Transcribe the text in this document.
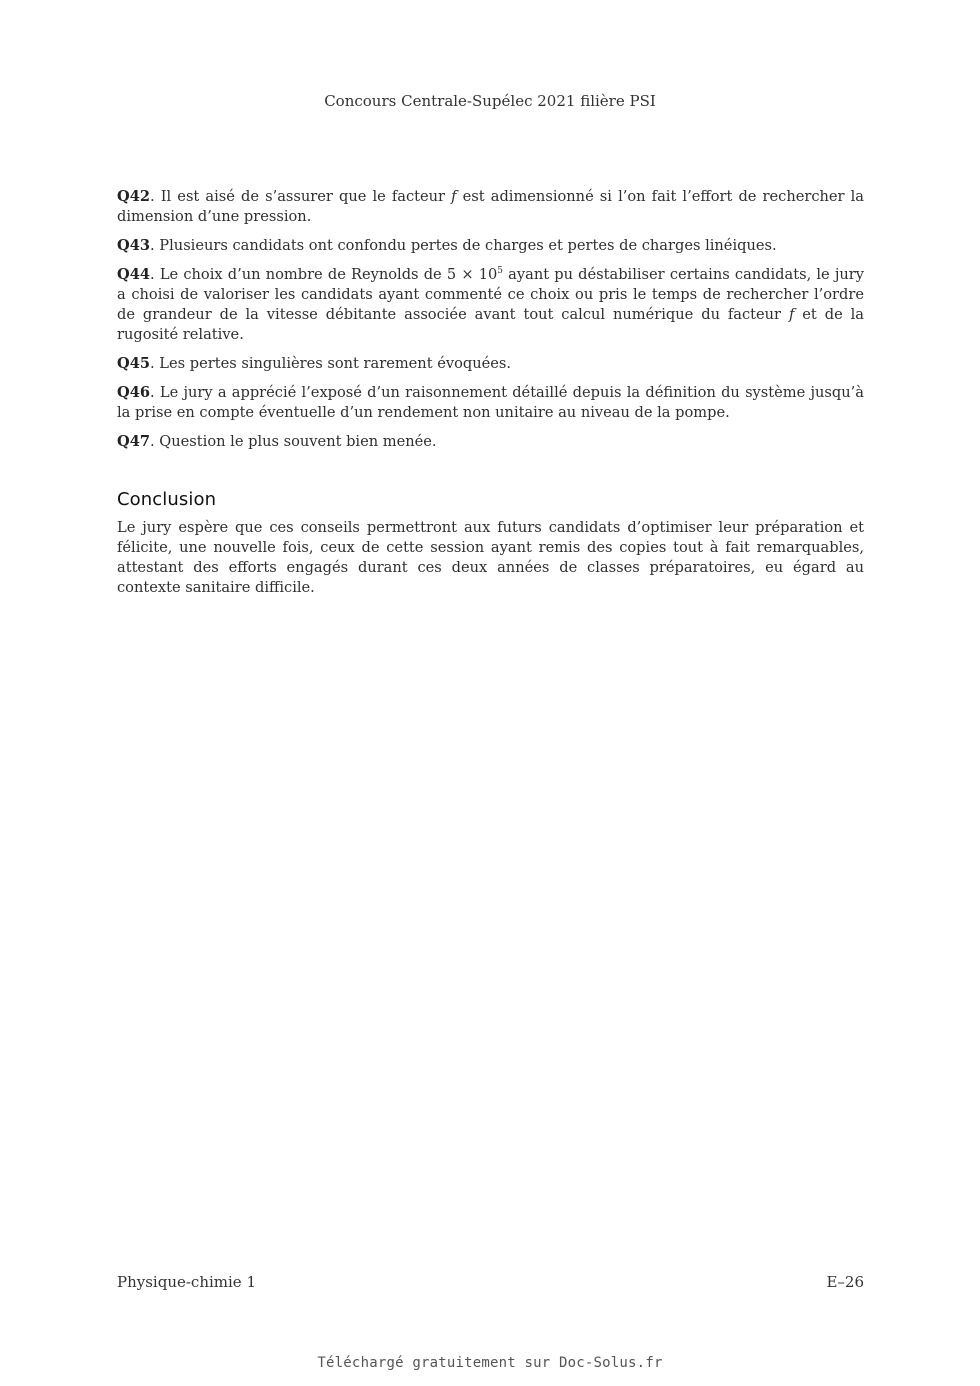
Concours Centrale-Supélec 2021 filière PSI

Q42. Il est aisé de s’assurer que le facteur f est adimensionné si l’on fait l’effort de rechercher la dimension d’une pression.

Q43. Plusieurs candidats ont confondu pertes de charges et pertes de charges linéiques.

Q44. Le choix d’un nombre de Reynolds de $5 \times 10^5$ ayant pu déstabiliser certains candidats, le jury a choisi de valoriser les candidats ayant commenté ce choix ou pris le temps de rechercher l’ordre de grandeur de la vitesse débitante associée avant tout calcul numérique du facteur f et de la rugosité relative.

Q45. Les pertes singulières sont rarement évoquées.

Q46. Le jury a apprécié l’exposé d’un raisonnement détaillé depuis la définition du système jusqu’à la prise en compte éventuelle d’un rendement non unitaire au niveau de la pompe.

Q47. Question le plus souvent bien menée.

Conclusion

Le jury espère que ces conseils permettront aux futurs candidats d’optimiser leur préparation et félicite, une nouvelle fois, ceux de cette session ayant remis des copies tout à fait remarquables, attestant des efforts engagés durant ces deux années de classes préparatoires, eu égard au contexte sanitaire difficile.

Physique-chimie 1	E–26
Téléchargé gratuitement sur Doc-Solus.fr
